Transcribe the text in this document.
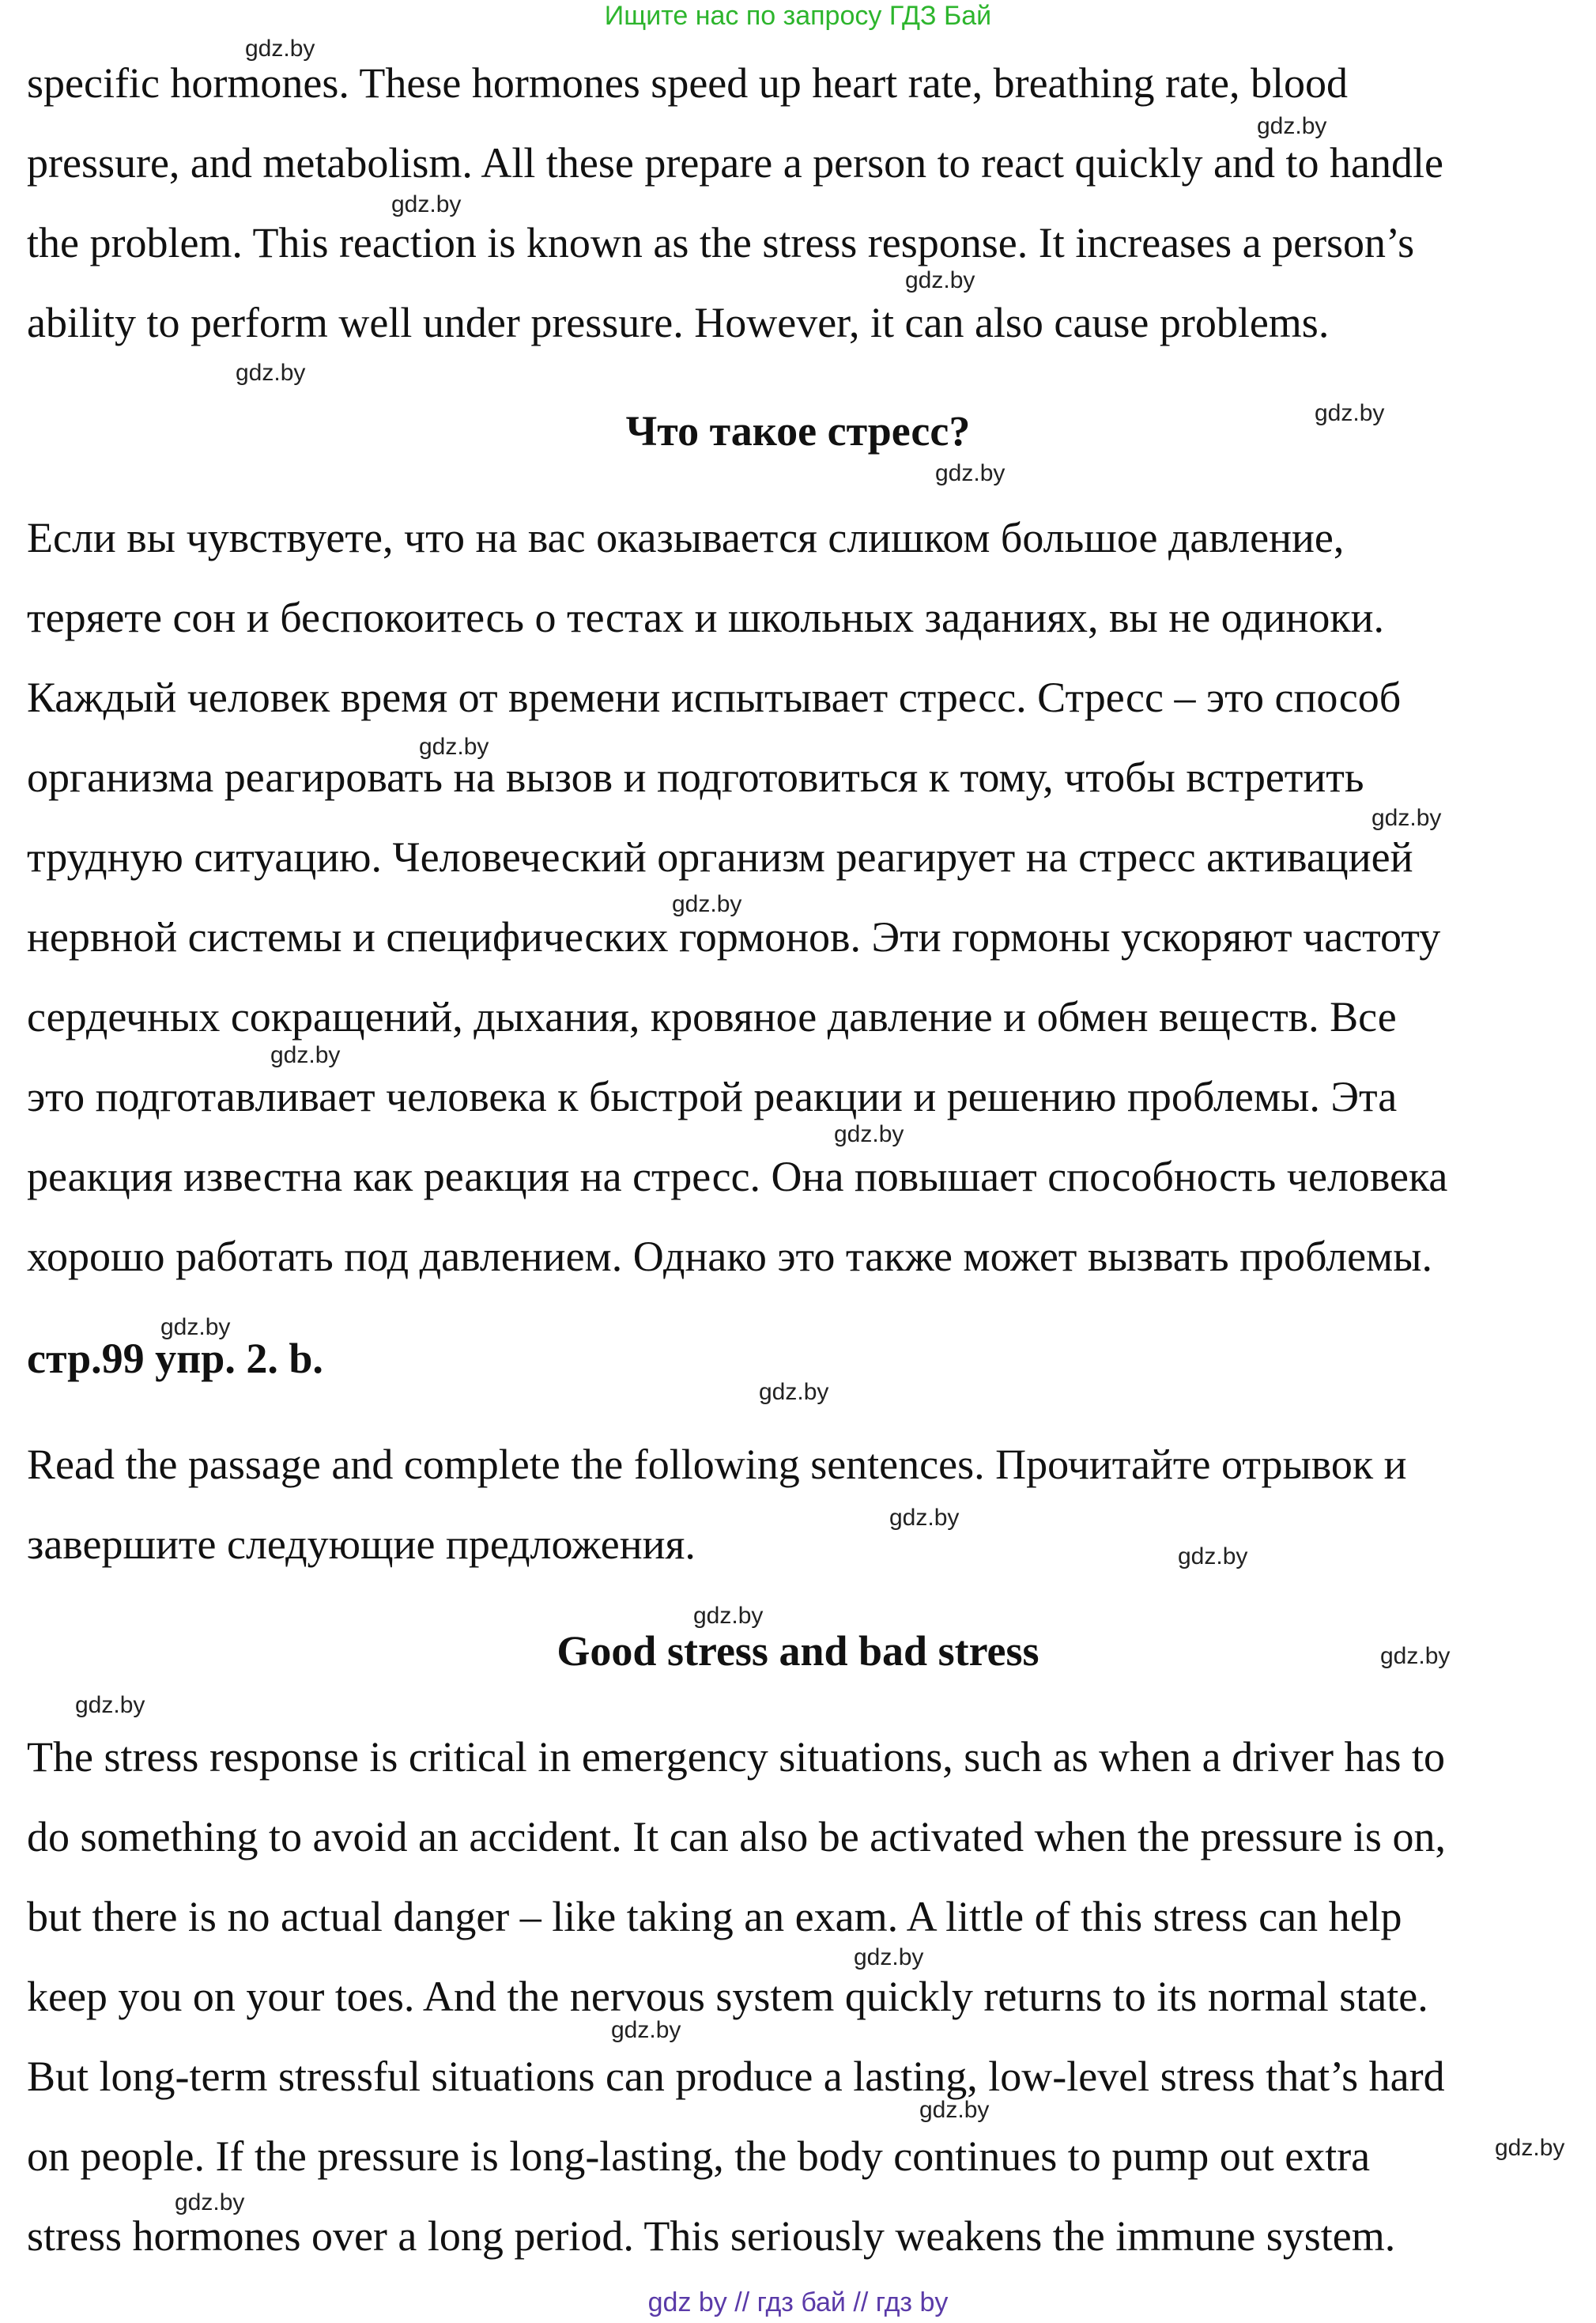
Ищите нас по запросу ГДЗ Бай
specific hormones. These hormones speed up heart rate, breathing rate, blood
pressure, and metabolism. All these prepare a person to react quickly and to handle
the problem. This reaction is known as the stress response. It increases a person’s
ability to perform well under pressure. However, it can also cause problems.
Что такое стресс?
Если вы чувствуете, что на вас оказывается слишком большое давление,
теряете сон и беспокоитесь о тестах и школьных заданиях, вы не одиноки.
Каждый человек время от времени испытывает стресс. Стресс – это способ
организма реагировать на вызов и подготовиться к тому, чтобы встретить
трудную ситуацию. Человеческий организм реагирует на стресс активацией
нервной системы и специфических гормонов. Эти гормоны ускоряют частоту
сердечных сокращений, дыхания, кровяное давление и обмен веществ. Все
это подготавливает человека к быстрой реакции и решению проблемы. Эта
реакция известна как реакция на стресс. Она повышает способность человека
хорошо работать под давлением. Однако это также может вызвать проблемы.
стр.99 упр. 2. b.
Read the passage and complete the following sentences. Прочитайте отрывок и
завершите следующие предложения.
Good stress and bad stress
The stress response is critical in emergency situations, such as when a driver has to
do something to avoid an accident. It can also be activated when the pressure is on,
but there is no actual danger – like taking an exam. A little of this stress can help
keep you on your toes. And the nervous system quickly returns to its normal state.
But long-term stressful situations can produce a lasting, low-level stress that’s hard
on people. If the pressure is long-lasting, the body continues to pump out extra
stress hormones over a long period. This seriously weakens the immune system.
gdz.by
gdz.by
gdz.by
gdz.by
gdz.by
gdz.by
gdz.by
gdz.by
gdz.by
gdz.by
gdz.by
gdz.by
gdz.by
gdz.by
gdz.by
gdz.by
gdz.by
gdz.by
gdz.by
gdz.by
gdz.by
gdz.by
gdz.by
gdz.by
gdz by // гдз бай // гдз by
